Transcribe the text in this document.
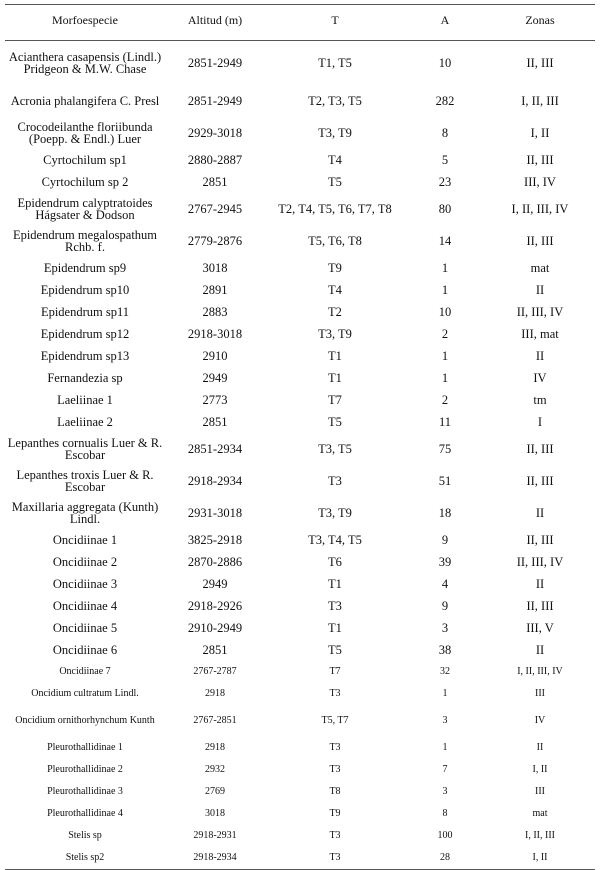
Morfoespecie	Altitud (m)	T	A	Zonas
Acianthera casapensis (Lindl.) Pridgeon & M.W. Chase	2851-2949	T1, T5	10	II, III
Acronia phalangifera C. Presl	2851-2949	T2, T3, T5	282	I, II, III
Crocodeilanthe floriibunda (Poepp. & Endl.) Luer	2929-3018	T3, T9	8	I, II
Cyrtochilum sp1	2880-2887	T4	5	II, III
Cyrtochilum sp 2	2851	T5	23	III, IV
Epidendrum calyptratoides Hágsater & Dodson	2767-2945	T2, T4, T5, T6, T7, T8	80	I, II, III, IV
Epidendrum megalospathum Rchb. f.	2779-2876	T5, T6, T8	14	II, III
Epidendrum sp9	3018	T9	1	mat
Epidendrum sp10	2891	T4	1	II
Epidendrum sp11	2883	T2	10	II, III, IV
Epidendrum sp12	2918-3018	T3, T9	2	III, mat
Epidendrum sp13	2910	T1	1	II
Fernandezia sp	2949	T1	1	IV
Laeliinae 1	2773	T7	2	tm
Laeliinae 2	2851	T5	11	I
Lepanthes cornualis Luer & R. Escobar	2851-2934	T3, T5	75	II, III
Lepanthes troxis Luer & R. Escobar	2918-2934	T3	51	II, III
Maxillaria aggregata (Kunth) Lindl.	2931-3018	T3, T9	18	II
Oncidiinae 1	3825-2918	T3, T4, T5	9	II, III
Oncidiinae 2	2870-2886	T6	39	II, III, IV
Oncidiinae 3	2949	T1	4	II
Oncidiinae 4	2918-2926	T3	9	II, III
Oncidiinae 5	2910-2949	T1	3	III, V
Oncidiinae 6	2851	T5	38	II
Oncidiinae 7	2767-2787	T7	32	I, II, III, IV
Oncidium cultratum Lindl.	2918	T3	1	III
Oncidium ornithorhynchum Kunth	2767-2851	T5, T7	3	IV
Pleurothallidinae 1	2918	T3	1	II
Pleurothallidinae 2	2932	T3	7	I, II
Pleurothallidinae 3	2769	T8	3	III
Pleurothallidinae 4	3018	T9	8	mat
Stelis sp	2918-2931	T3	100	I, II, III
Stelis sp2	2918-2934	T3	28	I, II
